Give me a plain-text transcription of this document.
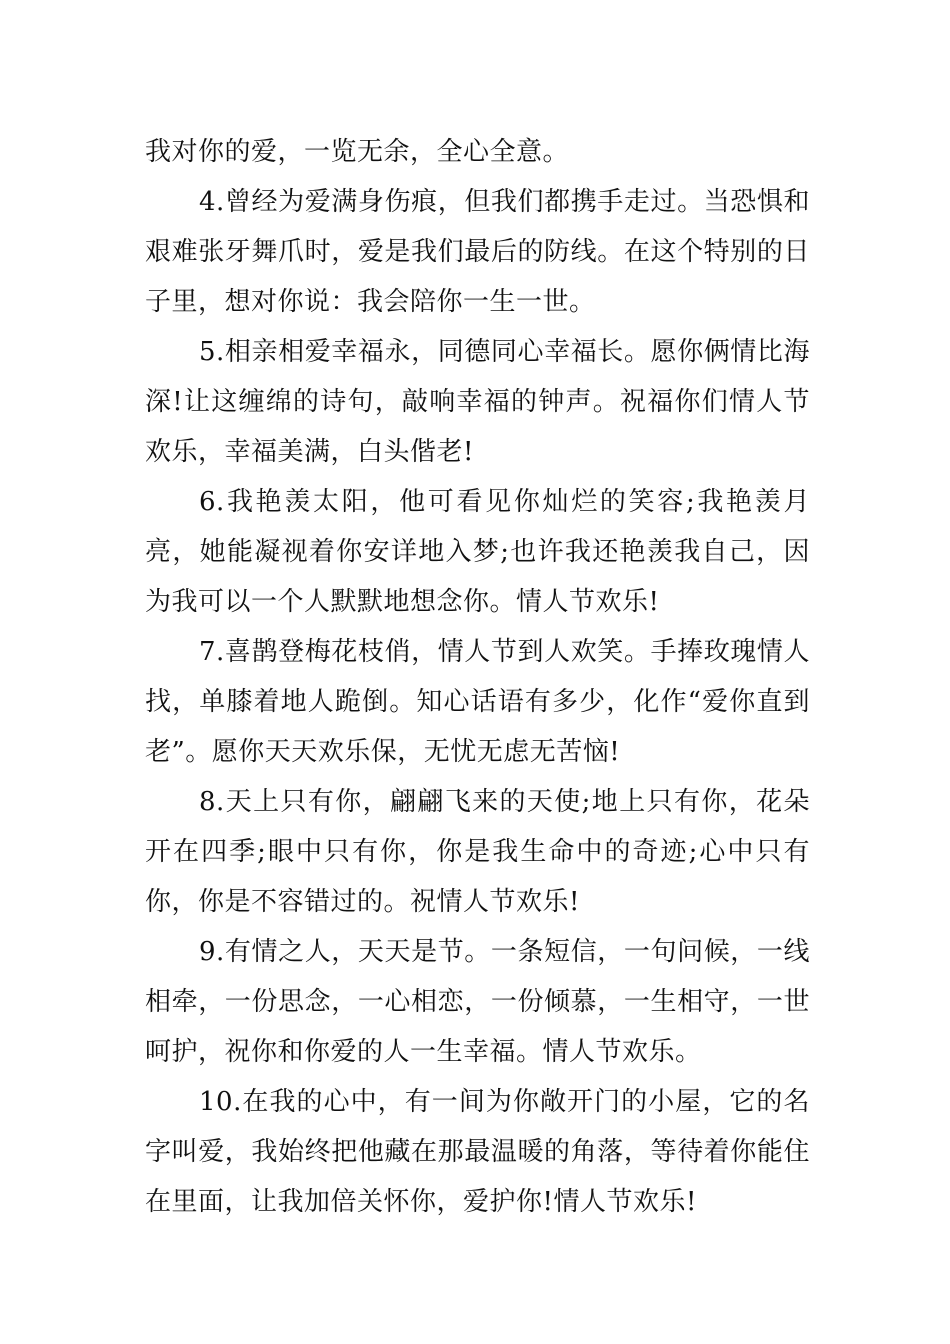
我对你的爱，一览无余，全心全意。

4.曾经为爱满身伤痕，但我们都携手走过。当恐惧和艰难张牙舞爪时，爱是我们最后的防线。在这个特别的日子里，想对你说：我会陪你一生一世。

5.相亲相爱幸福永，同德同心幸福长。愿你俩情比海深!让这缠绵的诗句，敲响幸福的钟声。祝福你们情人节欢乐，幸福美满，白头偕老!

6.我艳羡太阳，他可看见你灿烂的笑容;我艳羡月亮，她能凝视着你安详地入梦;也许我还艳羡我自己，因为我可以一个人默默地想念你。情人节欢乐!

7.喜鹊登梅花枝俏，情人节到人欢笑。手捧玫瑰情人找，单膝着地人跪倒。知心话语有多少，化作“爱你直到老”。愿你天天欢乐保，无忧无虑无苦恼!

8.天上只有你，翩翩飞来的天使;地上只有你，花朵开在四季;眼中只有你，你是我生命中的奇迹;心中只有你，你是不容错过的。祝情人节欢乐!

9.有情之人，天天是节。一条短信，一句问候，一线相牵，一份思念，一心相恋，一份倾慕，一生相守，一世呵护，祝你和你爱的人一生幸福。情人节欢乐。

10.在我的心中，有一间为你敞开门的小屋，它的名字叫爱，我始终把他藏在那最温暖的角落，等待着你能住在里面，让我加倍关怀你，爱护你!情人节欢乐!
